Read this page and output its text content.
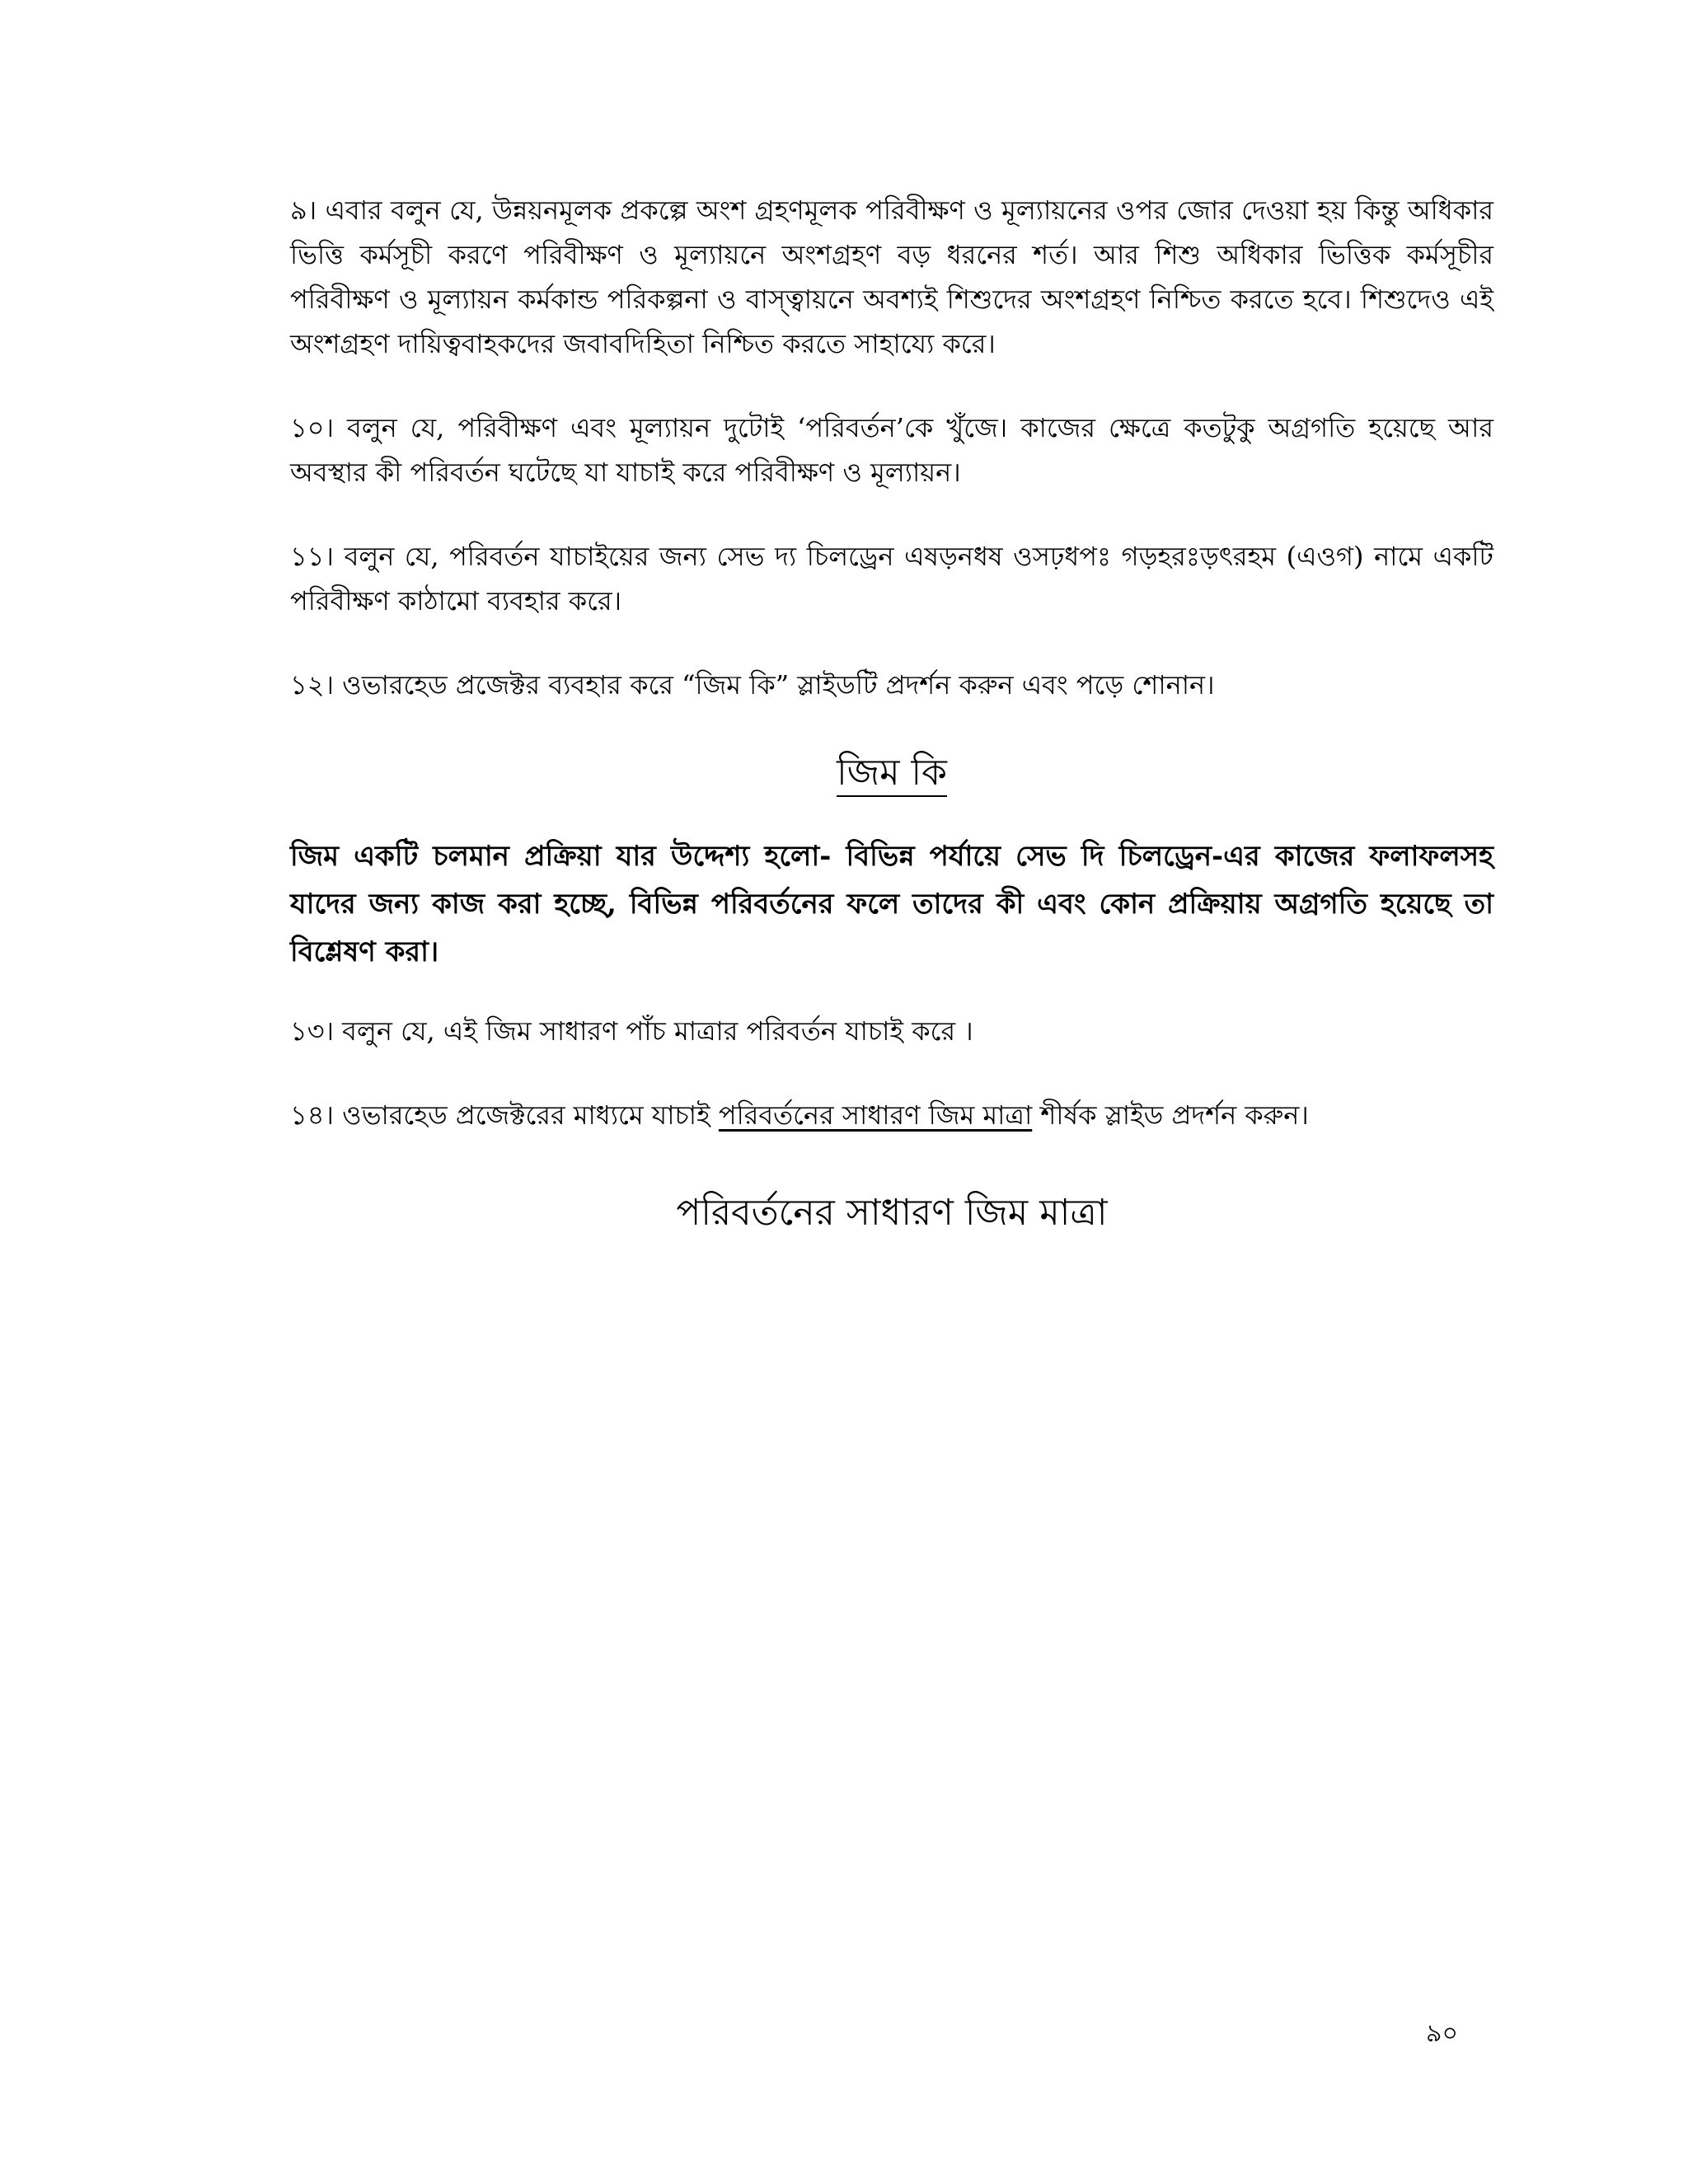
৯। এবার বলুন যে, উন্নয়নমূলক প্রকল্পে অংশ গ্রহণমূলক পরিবীক্ষণ ও মূল্যায়নের ওপর জোর দেওয়া হয় কিন্তু অধিকার ভিত্তি কর্মসূচী করণে পরিবীক্ষণ ও মূল্যায়নে অংশগ্রহণ বড় ধরনের শর্ত। আর শিশু অধিকার ভিত্তিক কর্মসূচীর পরিবীক্ষণ ও মূল্যায়ন কর্মকান্ড পরিকল্পনা ও বাস্ত্বায়নে অবশ্যই শিশুদের অংশগ্রহণ নিশ্চিত করতে হবে। শিশুদেও এই অংশগ্রহণ দায়িত্ববাহকদের জবাবদিহিতা নিশ্চিত করতে সাহায্যে করে।

১০। বলুন যে, পরিবীক্ষণ এবং মূল্যায়ন দুটোই ‘পরিবর্তন’কে খুঁজে। কাজের ক্ষেত্রে কতটুকু অগ্রগতি হয়েছে আর অবস্থার কী পরিবর্তন ঘটেছে যা যাচাই করে পরিবীক্ষণ ও মূল্যায়ন।

১১। বলুন যে, পরিবর্তন যাচাইয়ের জন্য সেভ দ্য চিলড্রেন এষড়নধষ ওসঢ়ধপঃ গড়হরঃড়ৎরহম (এওগ) নামে একটি পরিবীক্ষণ কাঠামো ব্যবহার করে।

১২। ওভারহেড প্রজেক্টর ব্যবহার করে “জিম কি” স্লাইডটি প্রদর্শন করুন এবং পড়ে শোনান।

জিম কি

জিম একটি চলমান প্রক্রিয়া যার উদ্দেশ্য হলো- বিভিন্ন পর্যায়ে সেভ দি চিলড্রেন-এর কাজের ফলাফলসহ যাদের জন্য কাজ করা হচ্ছে, বিভিন্ন পরিবর্তনের ফলে তাদের কী এবং কোন প্রক্রিয়ায় অগ্রগতি হয়েছে তা বিশ্লেষণ করা।

১৩। বলুন যে, এই জিম সাধারণ পাঁচ মাত্রার পরিবর্তন যাচাই করে ।

১৪। ওভারহেড প্রজেক্টরের মাধ্যমে যাচাই পরিবর্তনের সাধারণ জিম মাত্রা শীর্ষক স্লাইড প্রদর্শন করুন।

পরিবর্তনের সাধারণ জিম মাত্রা
৯০
